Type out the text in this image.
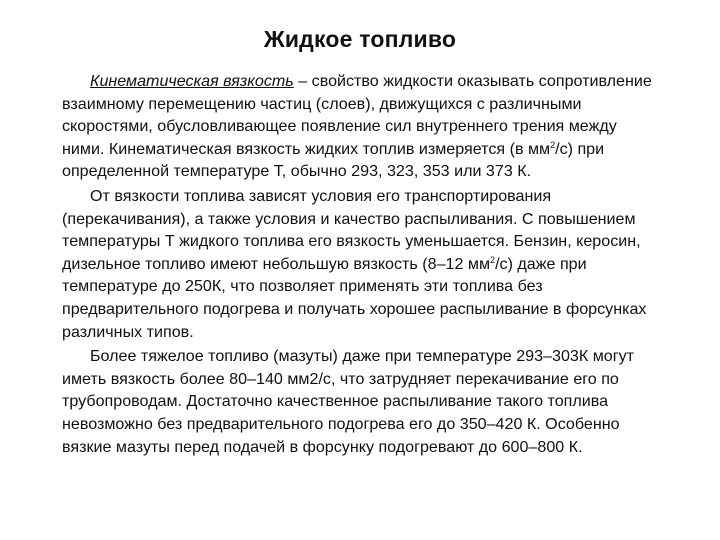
Жидкое топливо

Кинематическая вязкость – свойство жидкости оказывать сопротивление взаимному перемещению частиц (слоев), движущихся с различными скоростями, обусловливающее появление сил внутреннего трения между ними. Кинематическая вязкость жидких топлив измеряется (в $мм^2/с$) при определенной температуре Т, обычно 293, 323, 353 или 373 К.

От вязкости топлива зависят условия его транспортирования (перекачивания), а также условия и качество распыливания. С повышением температуры Т жидкого топлива его вязкость уменьшается. Бензин, керосин, дизельное топливо имеют небольшую вязкость (8–12 $мм^2/с$) даже при температуре до 250К, что позволяет применять эти топлива без предварительного подогрева и получать хорошее распыливание в форсунках различных типов.

Более тяжелое топливо (мазуты) даже при температуре 293–303К могут иметь вязкость более 80–140 мм2/с, что затрудняет перекачивание его по трубопроводам. Достаточно качественное распыливание такого топлива невозможно без предварительного подогрева его до 350–420 К. Особенно вязкие мазуты перед подачей в форсунку подогревают до 600–800 К.
